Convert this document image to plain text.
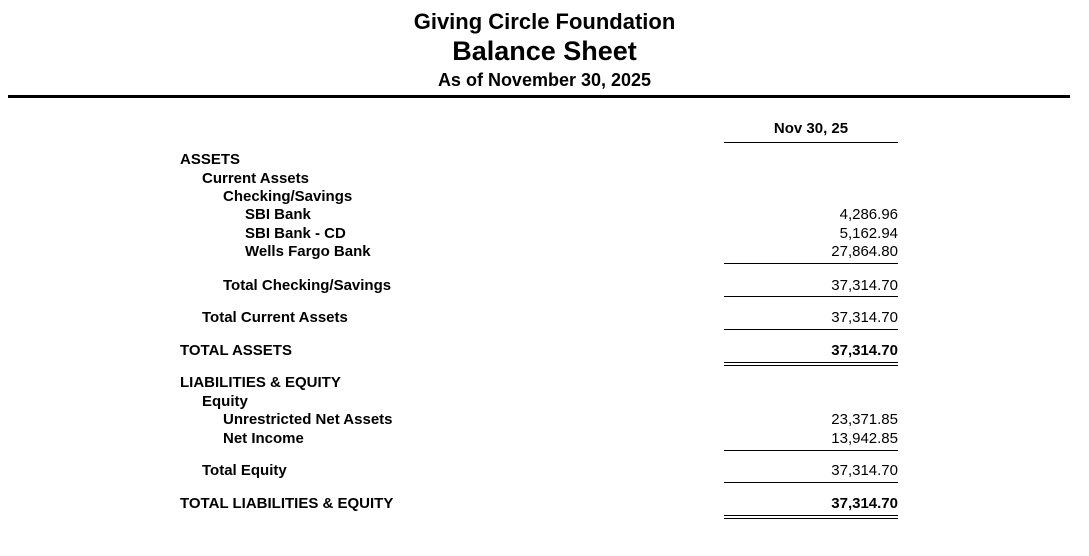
Giving Circle Foundation
Balance Sheet
As of November 30, 2025
Nov 30, 25
ASSETS
Current Assets
Checking/Savings
SBI Bank	4,286.96
SBI Bank - CD	5,162.94
Wells Fargo Bank	27,864.80
Total Checking/Savings	37,314.70
Total Current Assets	37,314.70
TOTAL ASSETS	37,314.70
LIABILITIES & EQUITY
Equity
Unrestricted Net Assets	23,371.85
Net Income	13,942.85
Total Equity	37,314.70
TOTAL LIABILITIES & EQUITY	37,314.70
